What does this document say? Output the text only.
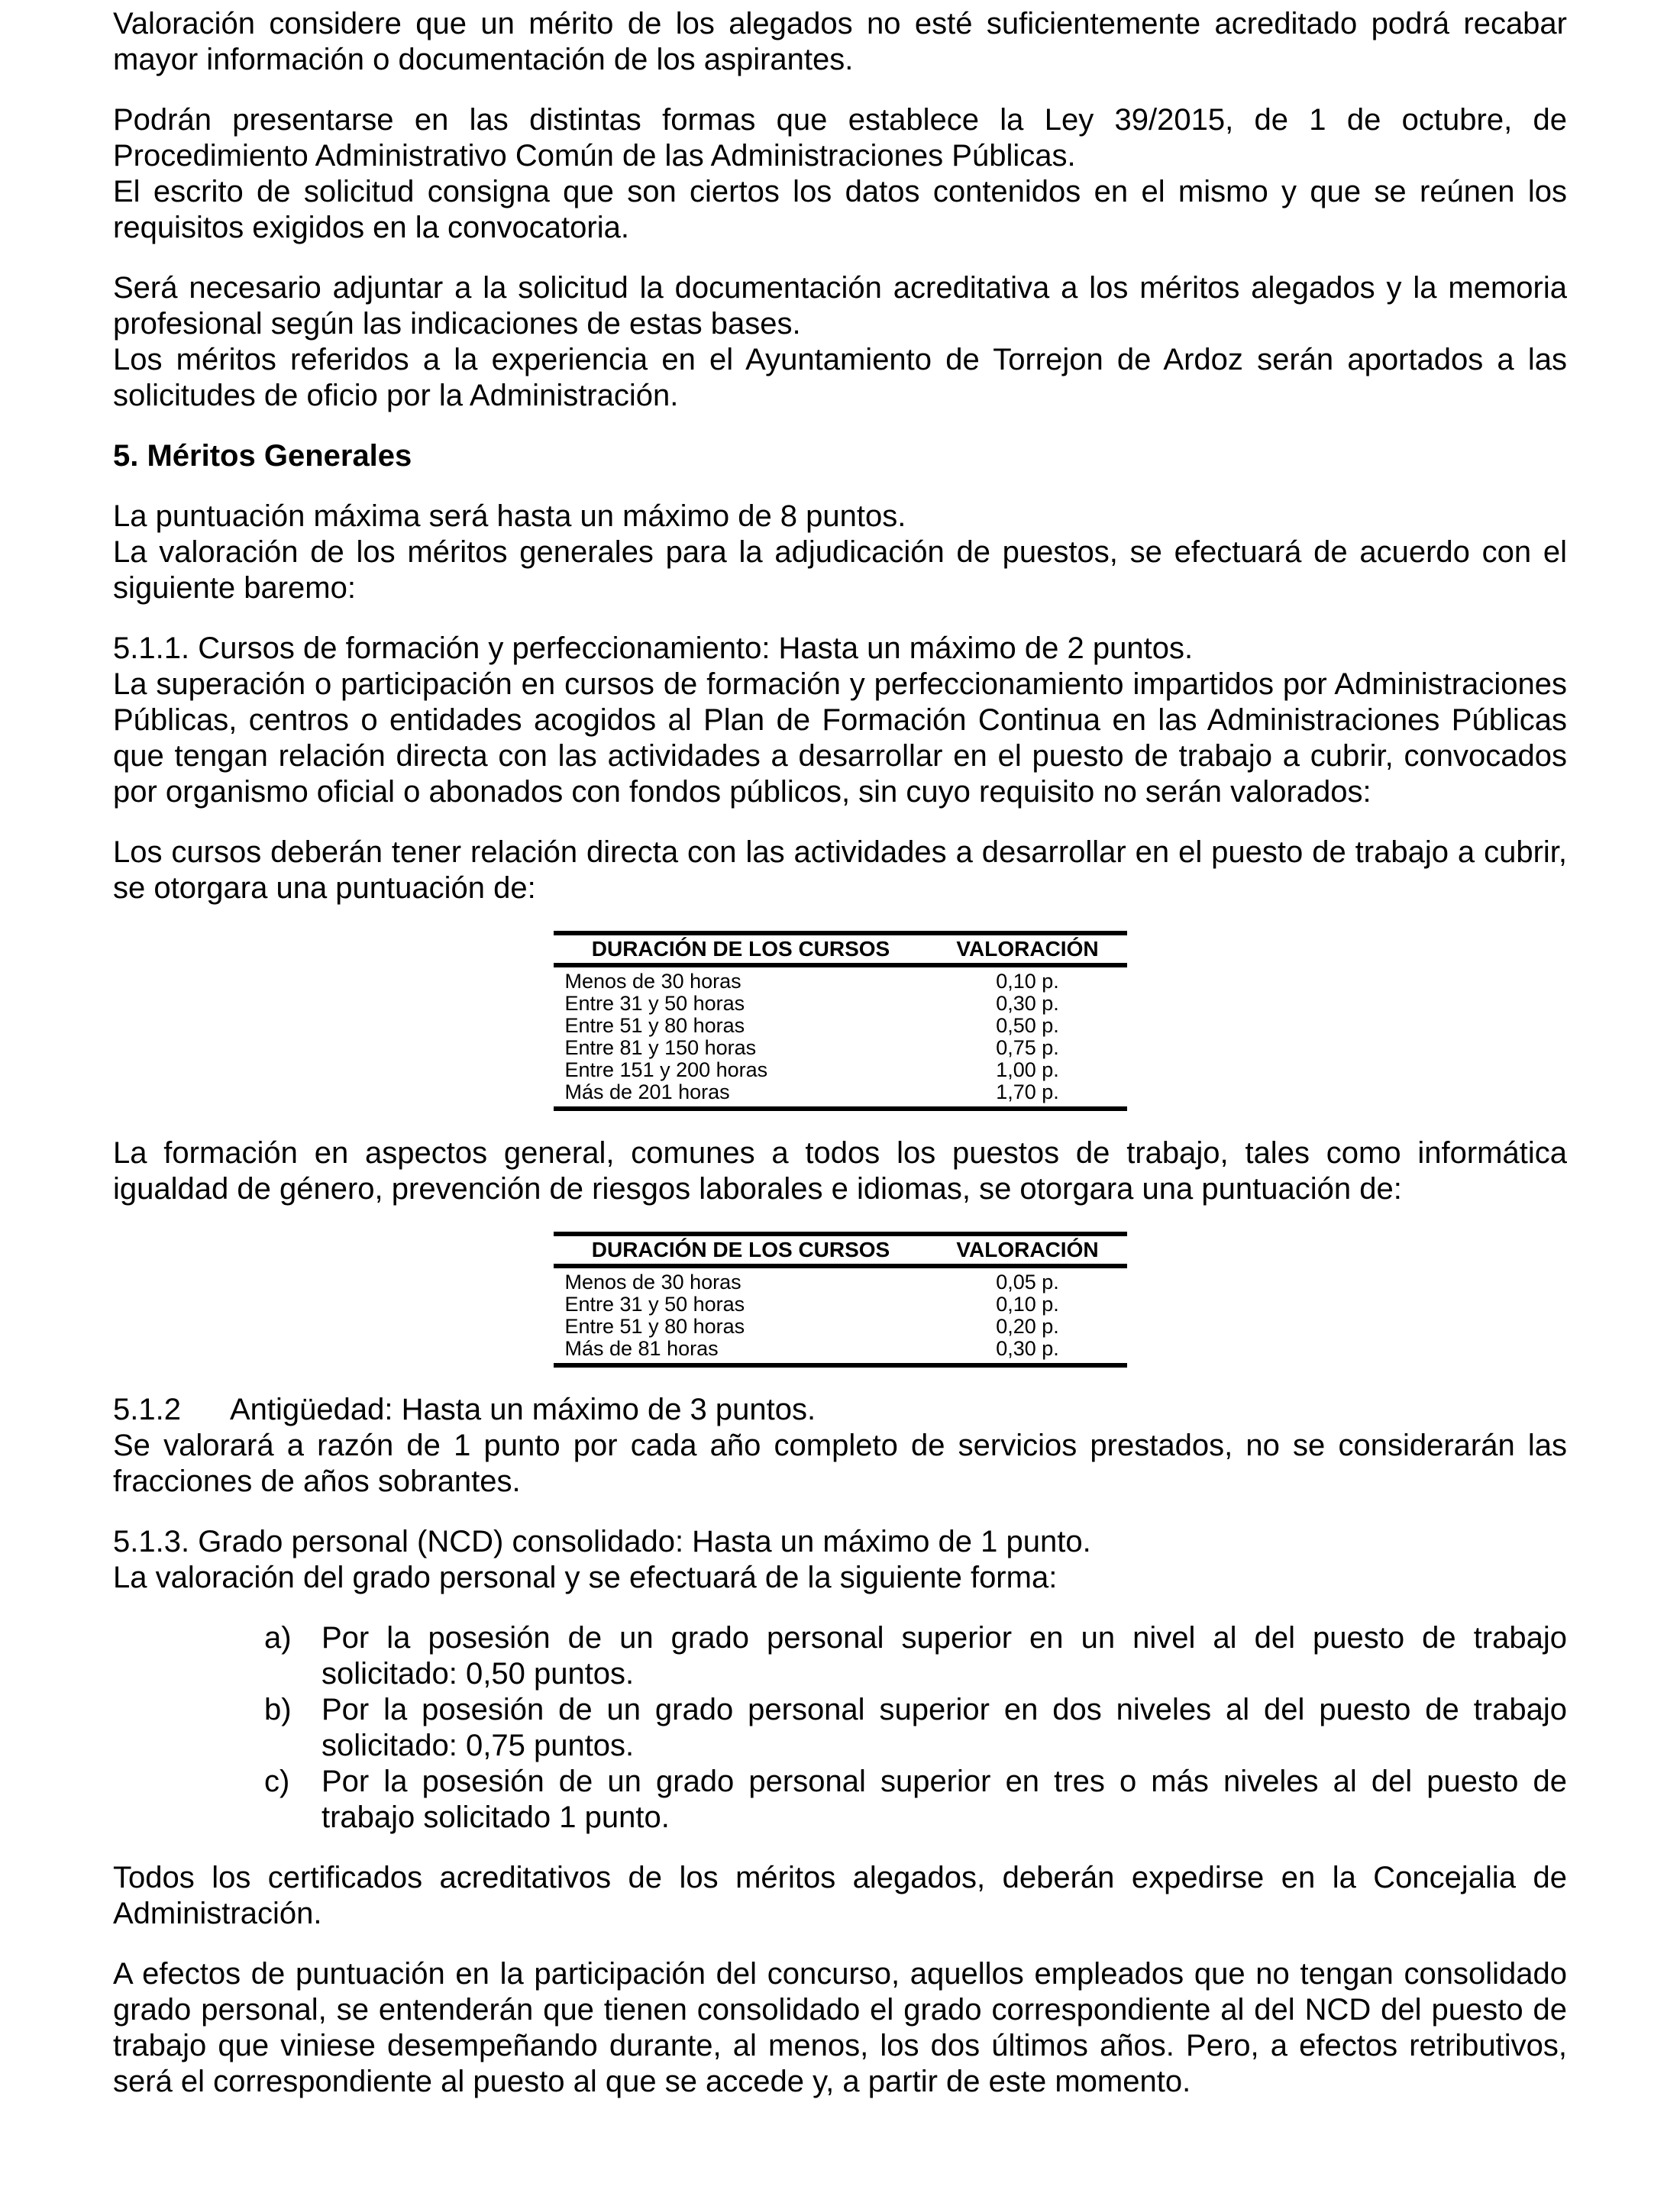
Valoración considere que un mérito de los alegados no esté suficientemente acreditado podrá recabar mayor información o documentación de los aspirantes.

Podrán presentarse en las distintas formas que establece la Ley 39/2015, de 1 de octubre, de Procedimiento Administrativo Común de las Administraciones Públicas.

El escrito de solicitud consigna que son ciertos los datos contenidos en el mismo y que se reúnen los requisitos exigidos en la convocatoria.

Será necesario adjuntar a la solicitud la documentación acreditativa a los méritos alegados y la memoria profesional según las indicaciones de estas bases.

Los méritos referidos a la experiencia en el Ayuntamiento de Torrejon de Ardoz serán aportados a las solicitudes de oficio por la Administración.

5. Méritos Generales

La puntuación máxima será hasta un máximo de 8 puntos.

La valoración de los méritos generales para la adjudicación de puestos, se efectuará de acuerdo con el siguiente baremo:

5.1.1. Cursos de formación y perfeccionamiento: Hasta un máximo de 2 puntos.

La superación o participación en cursos de formación y perfeccionamiento impartidos por Administraciones Públicas, centros o entidades acogidos al Plan de Formación Continua en las Administraciones Públicas que tengan relación directa con las actividades a desarrollar en el puesto de trabajo a cubrir, convocados por organismo oficial o abonados con fondos públicos, sin cuyo requisito no serán valorados:

Los cursos deberán tener relación directa con las actividades a desarrollar en el puesto de trabajo a cubrir, se otorgara una puntuación de:

DURACIÓN DE LOS CURSOS	VALORACIÓN
Menos de 30 horas	0,10 p.
Entre 31 y 50 horas	0,30 p.
Entre 51 y 80 horas	0,50 p.
Entre 81 y 150 horas	0,75 p.
Entre 151 y 200 horas	1,00 p.
Más de 201 horas	1,70 p.

La formación en aspectos general, comunes a todos los puestos de trabajo, tales como informática igualdad de género, prevención de riesgos laborales e idiomas, se otorgara una puntuación de:

DURACIÓN DE LOS CURSOS	VALORACIÓN
Menos de 30 horas	0,05 p.
Entre 31 y 50 horas	0,10 p.
Entre 51 y 80 horas	0,20 p.
Más de 81 horas	0,30 p.

5.1.2 Antigüedad: Hasta un máximo de 3 puntos.

Se valorará a razón de 1 punto por cada año completo de servicios prestados, no se considerarán las fracciones de años sobrantes.

5.1.3. Grado personal (NCD) consolidado: Hasta un máximo de 1 punto.

La valoración del grado personal y se efectuará de la siguiente forma:

a) Por la posesión de un grado personal superior en un nivel al del puesto de trabajo solicitado: 0,50 puntos.

b) Por la posesión de un grado personal superior en dos niveles al del puesto de trabajo solicitado: 0,75 puntos.

c) Por la posesión de un grado personal superior en tres o más niveles al del puesto de trabajo solicitado 1 punto.

Todos los certificados acreditativos de los méritos alegados, deberán expedirse en la Concejalia de Administración.

A efectos de puntuación en la participación del concurso, aquellos empleados que no tengan consolidado grado personal, se entenderán que tienen consolidado el grado correspondiente al del NCD del puesto de trabajo que viniese desempeñando durante, al menos, los dos últimos años. Pero, a efectos retributivos, será el correspondiente al puesto al que se accede y, a partir de este momento.
